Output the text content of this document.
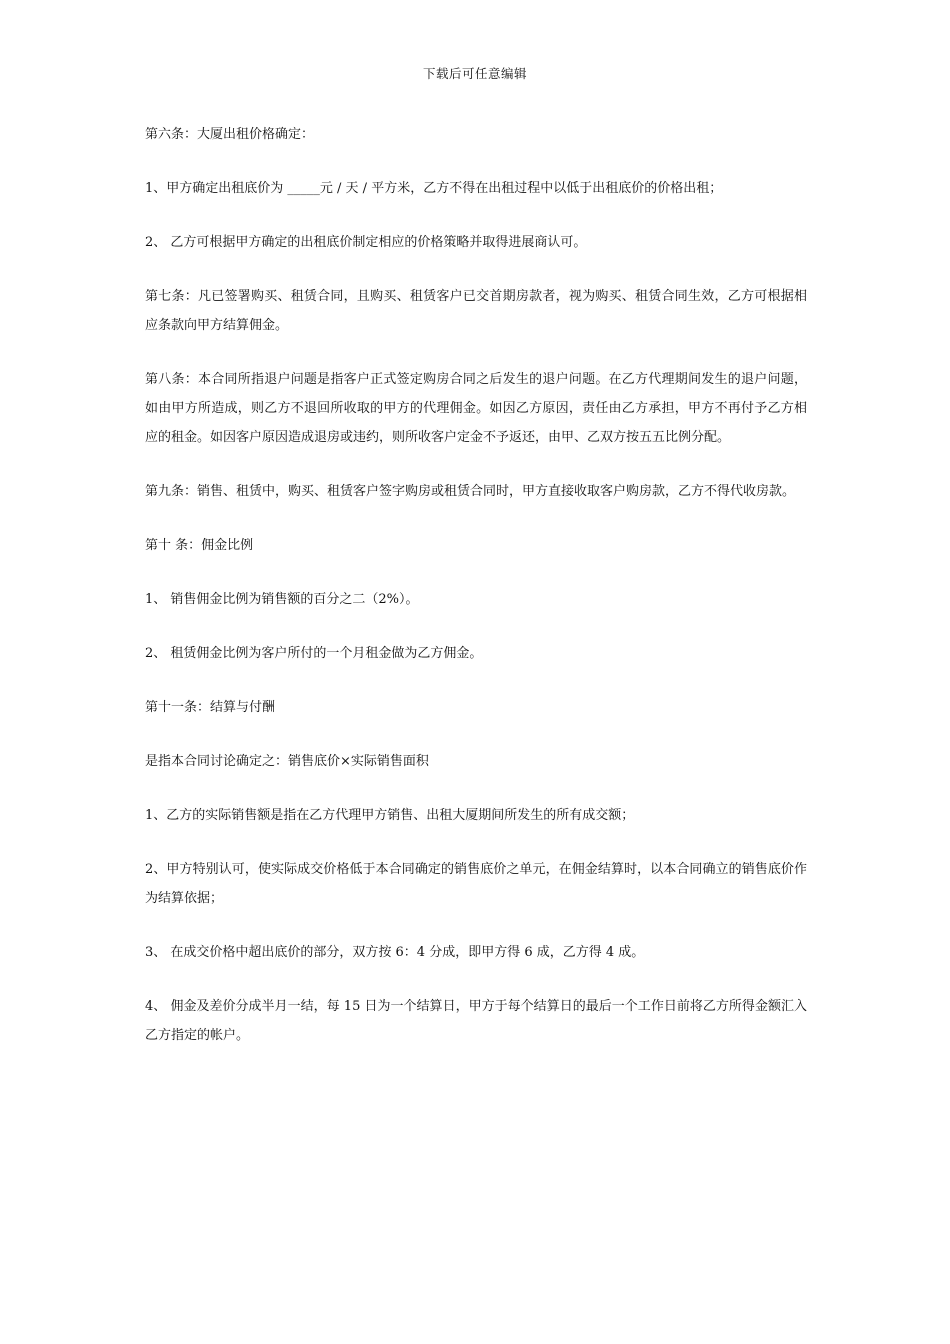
下载后可任意编辑

第六条：大厦出租价格确定：

1、甲方确定出租底价为 _____元 / 天 / 平方米，乙方不得在出租过程中以低于出租底价的价格出租；

2、 乙方可根据甲方确定的出租底价制定相应的价格策略并取得进展商认可。

第七条：凡已签署购买、租赁合同，且购买、租赁客户已交首期房款者，视为购买、租赁合同生效，乙方可根据相应条款向甲方结算佣金。

第八条：本合同所指退户问题是指客户正式签定购房合同之后发生的退户问题。在乙方代理期间发生的退户问题，如由甲方所造成，则乙方不退回所收取的甲方的代理佣金。如因乙方原因，责任由乙方承担，甲方不再付予乙方相应的租金。如因客户原因造成退房或违约，则所收客户定金不予返还，由甲、乙双方按五五比例分配。

第九条：销售、租赁中，购买、租赁客户签字购房或租赁合同时，甲方直接收取客户购房款，乙方不得代收房款。

第十 条：佣金比例

1、 销售佣金比例为销售额的百分之二（2%）。

2、 租赁佣金比例为客户所付的一个月租金做为乙方佣金。

第十一条：结算与付酬

是指本合同讨论确定之：销售底价×实际销售面积

1、乙方的实际销售额是指在乙方代理甲方销售、出租大厦期间所发生的所有成交额；

2、甲方特别认可，使实际成交价格低于本合同确定的销售底价之单元，在佣金结算时，以本合同确立的销售底价作为结算依据；

3、 在成交价格中超出底价的部分，双方按 6：4 分成，即甲方得 6 成，乙方得 4 成。

4、 佣金及差价分成半月一结，每 15 日为一个结算日，甲方于每个结算日的最后一个工作日前将乙方所得金额汇入乙方指定的帐户。
